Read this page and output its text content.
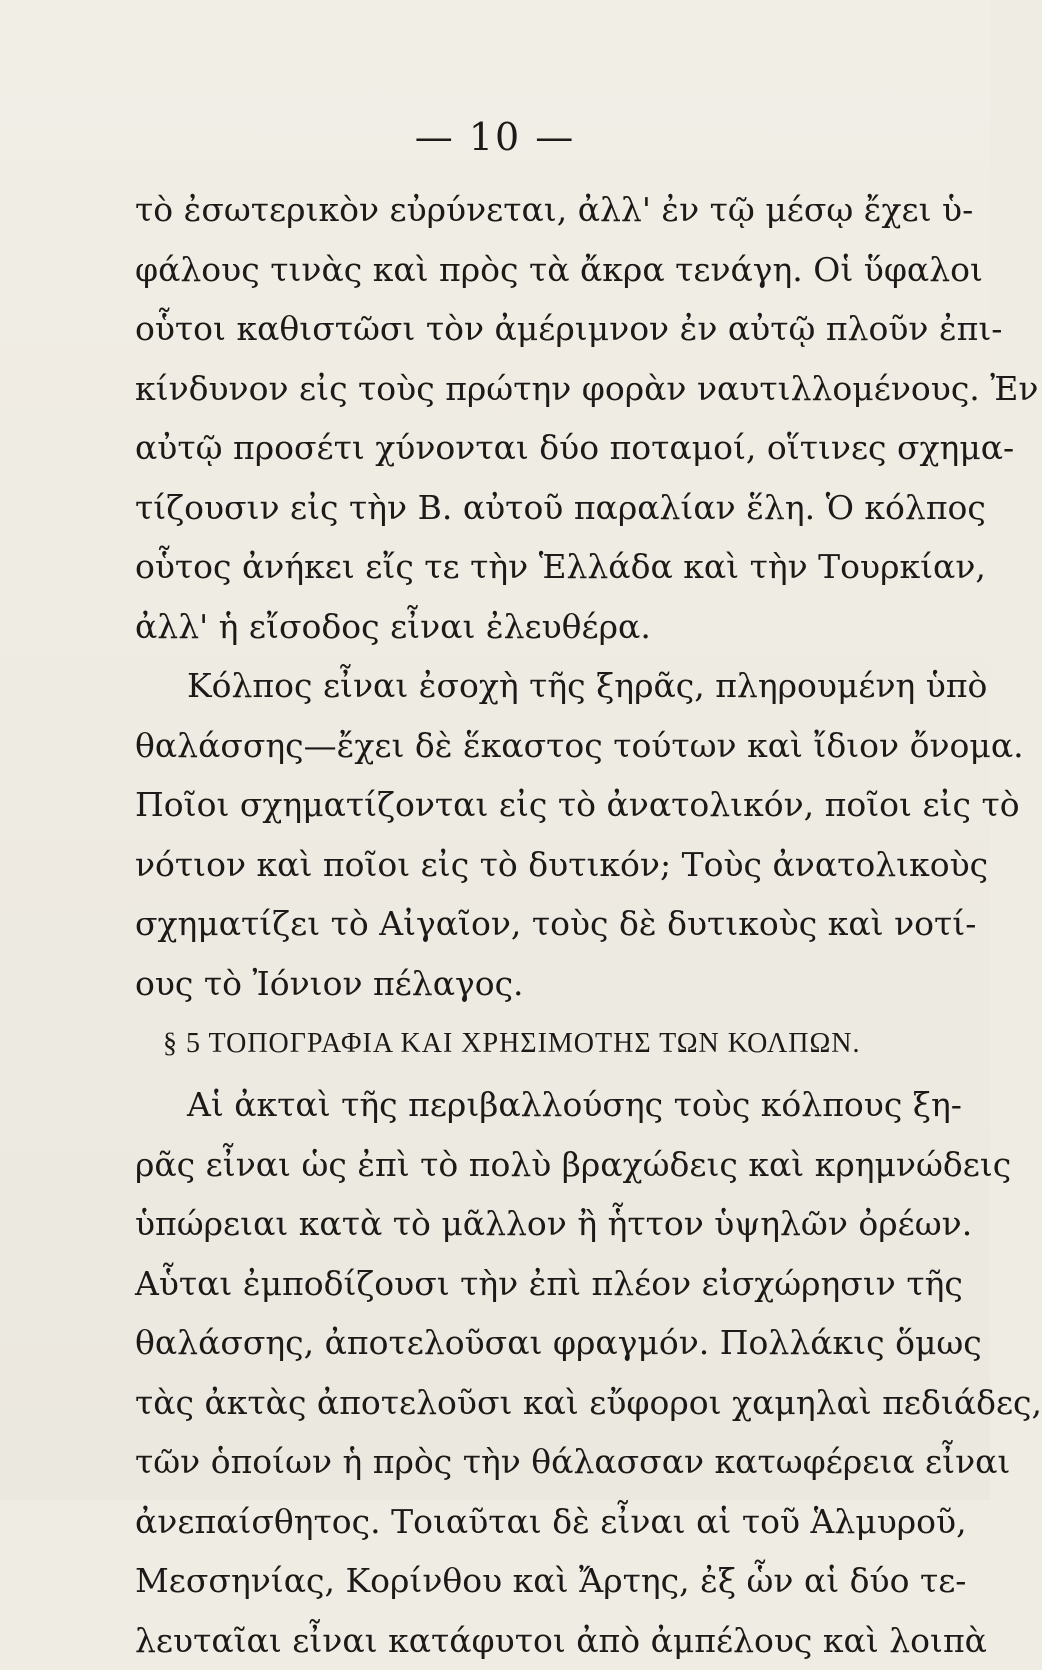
— 10 —
τὸ ἐσωτερικὸν εὐρύνεται, ἀλλ' ἐν τῷ μέσῳ ἔχει ὑ-
φάλους τινὰς καὶ πρὸς τὰ ἄκρα τενάγη. Οἱ ὕφαλοι
οὗτοι καθιστῶσι τὸν ἀμέριμνον ἐν αὐτῷ πλοῦν ἐπι-
κίνδυνον εἰς τοὺς πρώτην φορὰν ναυτιλλομένους. Ἐν
αὐτῷ προσέτι χύνονται δύο ποταμοί, οἵτινες σχημα-
τίζουσιν εἰς τὴν Β. αὐτοῦ παραλίαν ἕλη. Ὁ κόλπος
οὗτος ἀνήκει εἴς τε τὴν Ἑλλάδα καὶ τὴν Τουρκίαν,
ἀλλ' ἡ εἴσοδος εἶναι ἐλευθέρα.
Κόλπος εἶναι ἐσοχὴ τῆς ξηρᾶς, πληρουμένη ὑπὸ
θαλάσσης—ἔχει δὲ ἕκαστος τούτων καὶ ἴδιον ὄνομα.
Ποῖοι σχηματίζονται εἰς τὸ ἀνατολικόν, ποῖοι εἰς τὸ
νότιον καὶ ποῖοι εἰς τὸ δυτικόν; Τοὺς ἀνατολικοὺς
σχηματίζει τὸ Αἰγαῖον, τοὺς δὲ δυτικοὺς καὶ νοτί-
ους τὸ Ἰόνιον πέλαγος.
§ 5 ΤΟΠΟΓΡΑΦΙΑ ΚΑΙ ΧΡΗΣΙΜΟΤΗΣ ΤΩΝ ΚΟΛΠΩΝ.
Αἱ ἀκταὶ τῆς περιβαλλούσης τοὺς κόλπους ξη-
ρᾶς εἶναι ὡς ἐπὶ τὸ πολὺ βραχώδεις καὶ κρημνώδεις
ὑπώρειαι κατὰ τὸ μᾶλλον ἢ ἧττον ὑψηλῶν ὀρέων.
Αὗται ἐμποδίζουσι τὴν ἐπὶ πλέον εἰσχώρησιν τῆς
θαλάσσης, ἀποτελοῦσαι φραγμόν. Πολλάκις ὅμως
τὰς ἀκτὰς ἀποτελοῦσι καὶ εὔφοροι χαμηλαὶ πεδιάδες,
τῶν ὁποίων ἡ πρὸς τὴν θάλασσαν κατωφέρεια εἶναι
ἀνεπαίσθητος. Τοιαῦται δὲ εἶναι αἱ τοῦ Ἁλμυροῦ,
Μεσσηνίας, Κορίνθου καὶ Ἄρτης, ἐξ ὧν αἱ δύο τε-
λευταῖαι εἶναι κατάφυτοι ἀπὸ ἀμπέλους καὶ λοιπὰ
